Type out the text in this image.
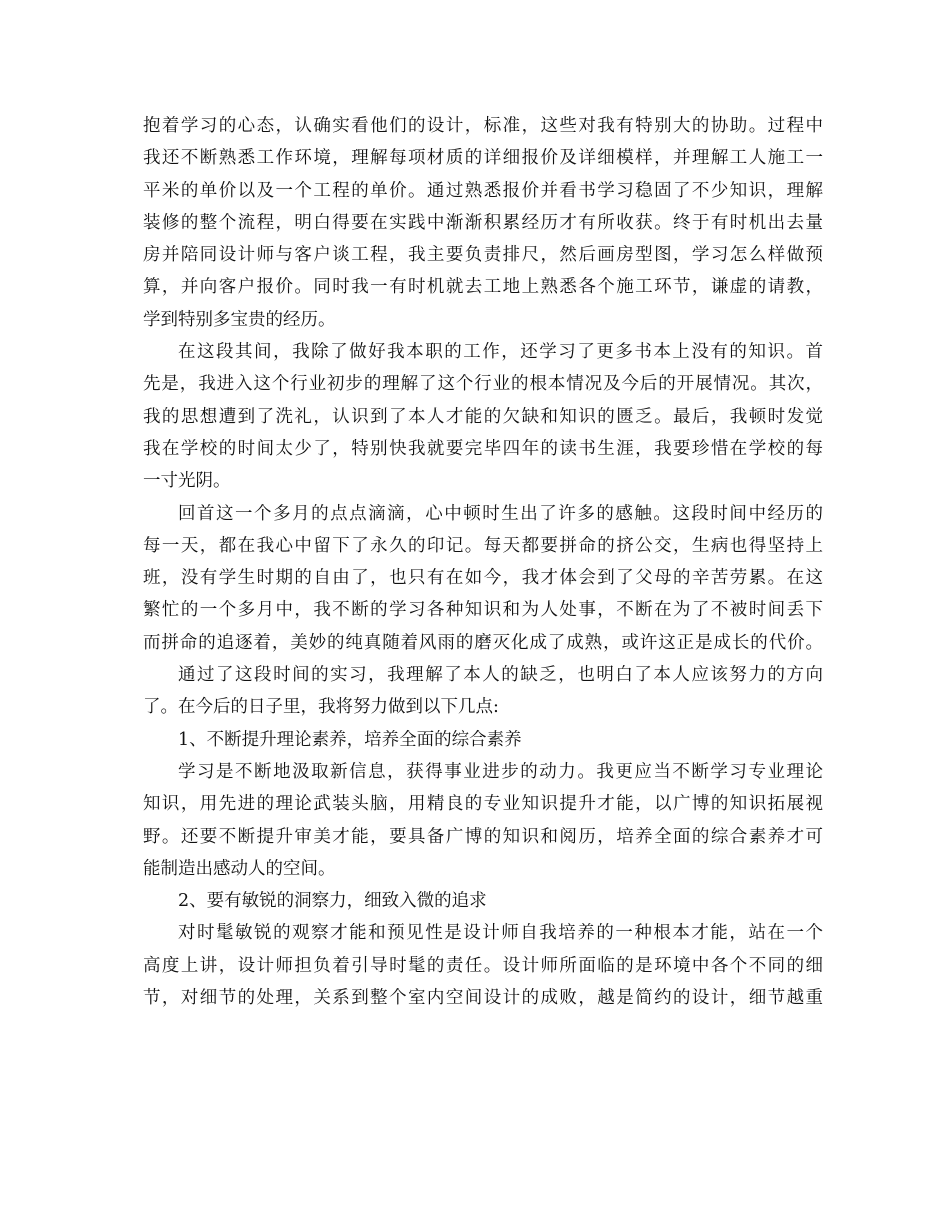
抱着学习的心态，认确实看他们的设计，标准，这些对我有特别大的协助。过程中
我还不断熟悉工作环境，理解每项材质的详细报价及详细模样，并理解工人施工一
平米的单价以及一个工程的单价。通过熟悉报价并看书学习稳固了不少知识，理解
装修的整个流程，明白得要在实践中渐渐积累经历才有所收获。终于有时机出去量
房并陪同设计师与客户谈工程，我主要负责排尺，然后画房型图，学习怎么样做预
算，并向客户报价。同时我一有时机就去工地上熟悉各个施工环节，谦虚的请教，
学到特别多宝贵的经历。
在这段其间，我除了做好我本职的工作，还学习了更多书本上没有的知识。首
先是，我进入这个行业初步的理解了这个行业的根本情况及今后的开展情况。其次，
我的思想遭到了洗礼，认识到了本人才能的欠缺和知识的匮乏。最后，我顿时发觉
我在学校的时间太少了，特别快我就要完毕四年的读书生涯，我要珍惜在学校的每
一寸光阴。
回首这一个多月的点点滴滴，心中顿时生出了许多的感触。这段时间中经历的
每一天，都在我心中留下了永久的印记。每天都要拼命的挤公交，生病也得坚持上
班，没有学生时期的自由了，也只有在如今，我才体会到了父母的辛苦劳累。在这
繁忙的一个多月中，我不断的学习各种知识和为人处事，不断在为了不被时间丢下
而拼命的追逐着，美妙的纯真随着风雨的磨灭化成了成熟，或许这正是成长的代价。
通过了这段时间的实习，我理解了本人的缺乏，也明白了本人应该努力的方向
了。在今后的日子里，我将努力做到以下几点:
1、不断提升理论素养，培养全面的综合素养
学习是不断地汲取新信息，获得事业进步的动力。我更应当不断学习专业理论
知识，用先进的理论武装头脑，用精良的专业知识提升才能，以广博的知识拓展视
野。还要不断提升审美才能，要具备广博的知识和阅历，培养全面的综合素养才可
能制造出感动人的空间。
2、要有敏锐的洞察力，细致入微的追求
对时髦敏锐的观察才能和预见性是设计师自我培养的一种根本才能，站在一个
高度上讲，设计师担负着引导时髦的责任。设计师所面临的是环境中各个不同的细
节，对细节的处理，关系到整个室内空间设计的成败，越是简约的设计，细节越重
